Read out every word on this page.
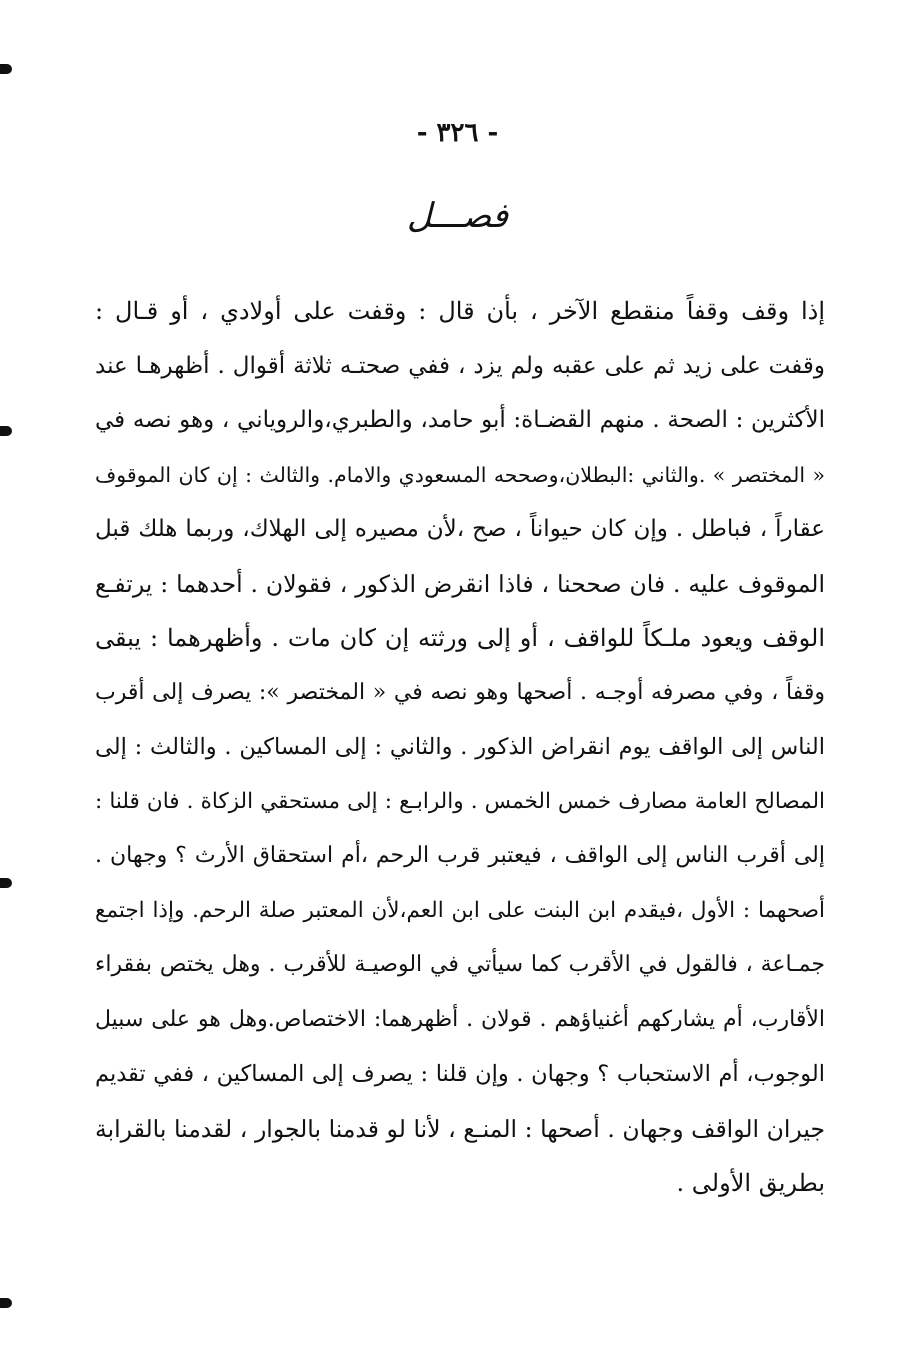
- ٣٢٦ -
فصـــل
إذا وقف وقفاً منقطع الآخر ، بأن قال : وقفت على أولادي ، أو قـال :
وقفت على زيد ثم على عقبه ولم يزد ، ففي صحتـه ثلاثة أقوال . أظهرهـا عند
الأكثرين : الصحة . منهم القضـاة: أبو حامد، والطبري،والروياني ، وهو نصه في
« المختصر » .والثاني :البطلان،وصححه المسعودي والامام. والثالث : إن كان الموقوف
عقاراً ، فباطل . وإن كان حيواناً ، صح ،لأن مصيره إلى الهلاك، وربما هلك قبل
الموقوف عليه . فان صححنا ، فاذا انقرض الذكور ، فقولان . أحدهما : يرتفـع
الوقف ويعود ملـكاً للواقف ، أو إلى ورثته إن كان مات . وأظهرهما : يبقى
وقفاً ، وفي مصرفه أوجـه . أصحها وهو نصه في « المختصر »: يصرف إلى أقرب
الناس إلى الواقف يوم انقراض الذكور . والثاني : إلى المساكين . والثالث : إلى
المصالح العامة مصارف خمس الخمس . والرابـع : إلى مستحقي الزكاة . فان قلنا :
إلى أقرب الناس إلى الواقف ، فيعتبر قرب الرحم ،أم استحقاق الأرث ؟ وجهان .
أصحهما : الأول ،فيقدم ابن البنت على ابن العم،لأن المعتبر صلة الرحم. وإذا اجتمع
جمـاعة ، فالقول في الأقرب كما سيأتي في الوصيـة للأقرب . وهل يختص بفقراء
الأقارب، أم يشاركهم أغنياؤهم . قولان . أظهرهما: الاختصاص.وهل هو على سبيل
الوجوب، أم الاستحباب ؟ وجهان . وإن قلنا : يصرف إلى المساكين ، ففي تقديم
جيران الواقف وجهان . أصحها : المنـع ، لأنا لو قدمنا بالجوار ، لقدمنا بالقرابة
بطريق الأولى .
